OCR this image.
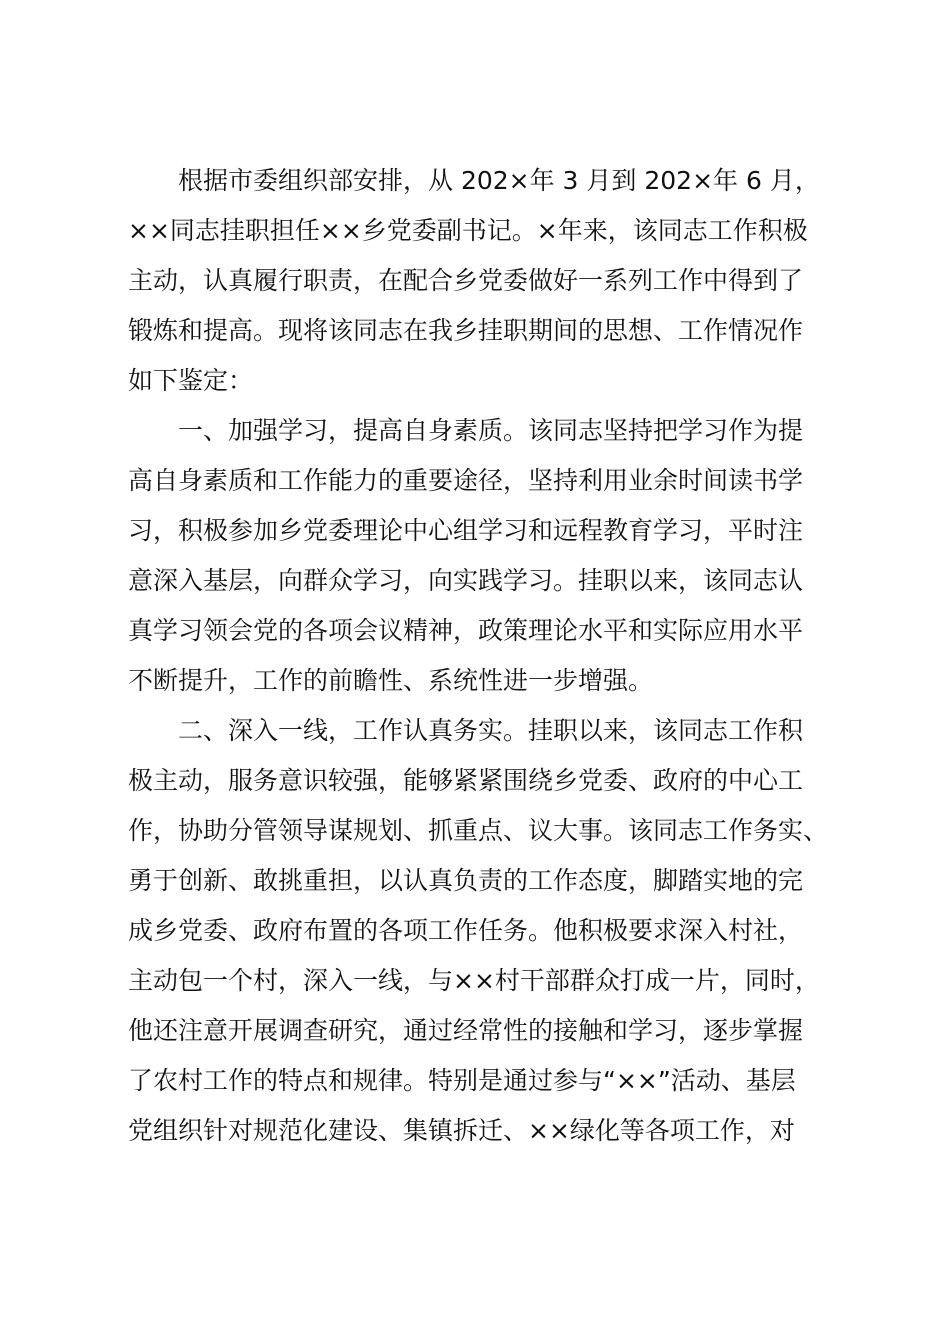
根据市委组织部安排，从 202×年 3 月到 202×年 6 月，
××同志挂职担任××乡党委副书记。×年来，该同志工作积极
主动，认真履行职责，在配合乡党委做好一系列工作中得到了
锻炼和提高。现将该同志在我乡挂职期间的思想、工作情况作
如下鉴定：
一、加强学习，提高自身素质。该同志坚持把学习作为提
高自身素质和工作能力的重要途径，坚持利用业余时间读书学
习，积极参加乡党委理论中心组学习和远程教育学习，平时注
意深入基层，向群众学习，向实践学习。挂职以来，该同志认
真学习领会党的各项会议精神，政策理论水平和实际应用水平
不断提升，工作的前瞻性、系统性进一步增强。
二、深入一线，工作认真务实。挂职以来，该同志工作积
极主动，服务意识较强，能够紧紧围绕乡党委、政府的中心工
作，协助分管领导谋规划、抓重点、议大事。该同志工作务实、
勇于创新、敢挑重担，以认真负责的工作态度，脚踏实地的完
成乡党委、政府布置的各项工作任务。他积极要求深入村社，
主动包一个村，深入一线，与××村干部群众打成一片，同时，
他还注意开展调查研究，通过经常性的接触和学习，逐步掌握
了农村工作的特点和规律。特别是通过参与“××”活动、基层
党组织针对规范化建设、集镇拆迁、××绿化等各项工作，对
